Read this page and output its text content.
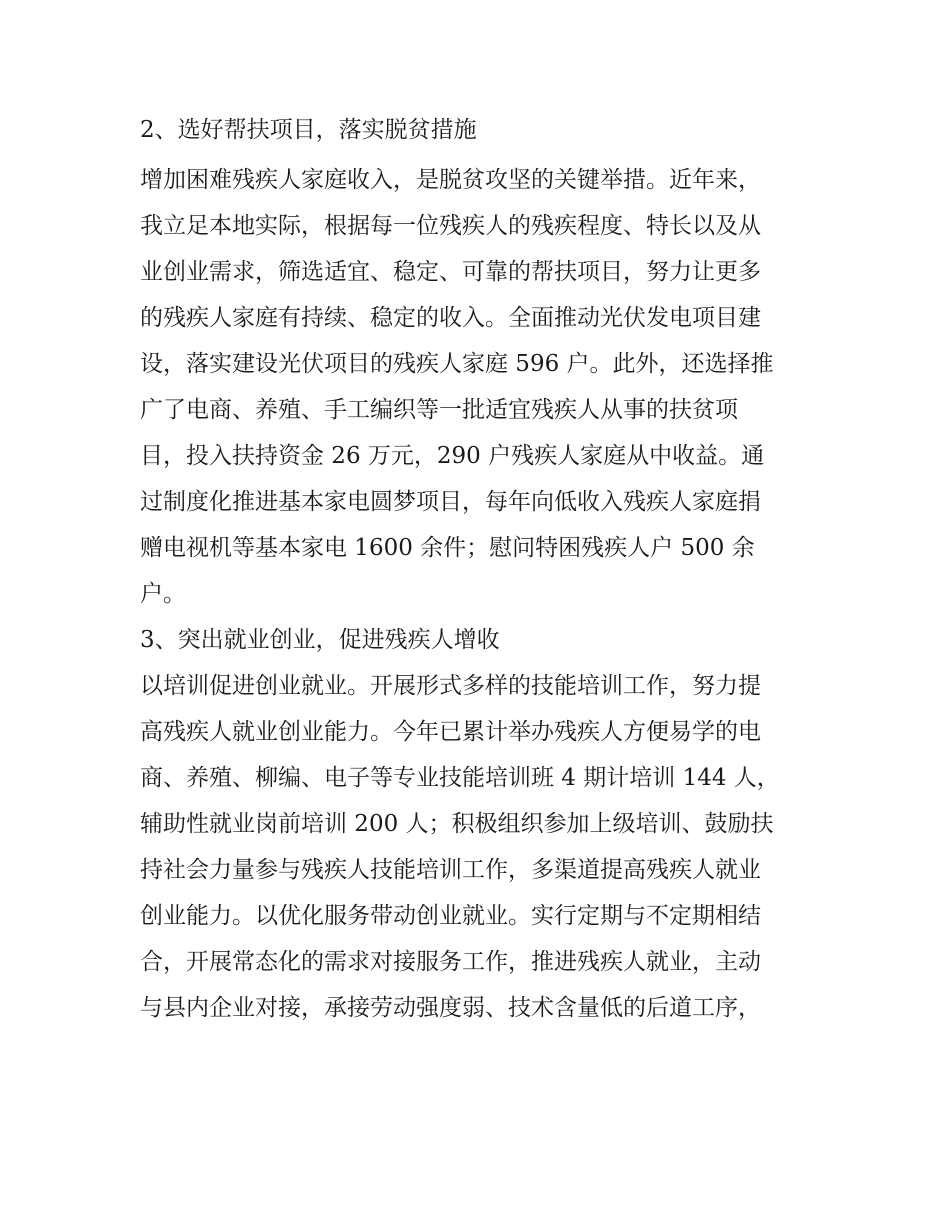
2、选好帮扶项目，落实脱贫措施
增加困难残疾人家庭收入，是脱贫攻坚的关键举措。近年来，
我立足本地实际，根据每一位残疾人的残疾程度、特长以及从
业创业需求，筛选适宜、稳定、可靠的帮扶项目，努力让更多
的残疾人家庭有持续、稳定的收入。全面推动光伏发电项目建
设，落实建设光伏项目的残疾人家庭 596 户。此外，还选择推
广了电商、养殖、手工编织等一批适宜残疾人从事的扶贫项
目，投入扶持资金 26 万元，290 户残疾人家庭从中收益。通
过制度化推进基本家电圆梦项目，每年向低收入残疾人家庭捐
赠电视机等基本家电 1600 余件；慰问特困残疾人户 500 余
户。
3、突出就业创业，促进残疾人增收
以培训促进创业就业。开展形式多样的技能培训工作，努力提
高残疾人就业创业能力。今年已累计举办残疾人方便易学的电
商、养殖、柳编、电子等专业技能培训班 4 期计培训 144 人，
辅助性就业岗前培训 200 人；积极组织参加上级培训、鼓励扶
持社会力量参与残疾人技能培训工作，多渠道提高残疾人就业
创业能力。以优化服务带动创业就业。实行定期与不定期相结
合，开展常态化的需求对接服务工作，推进残疾人就业，主动
与县内企业对接，承接劳动强度弱、技术含量低的后道工序，
